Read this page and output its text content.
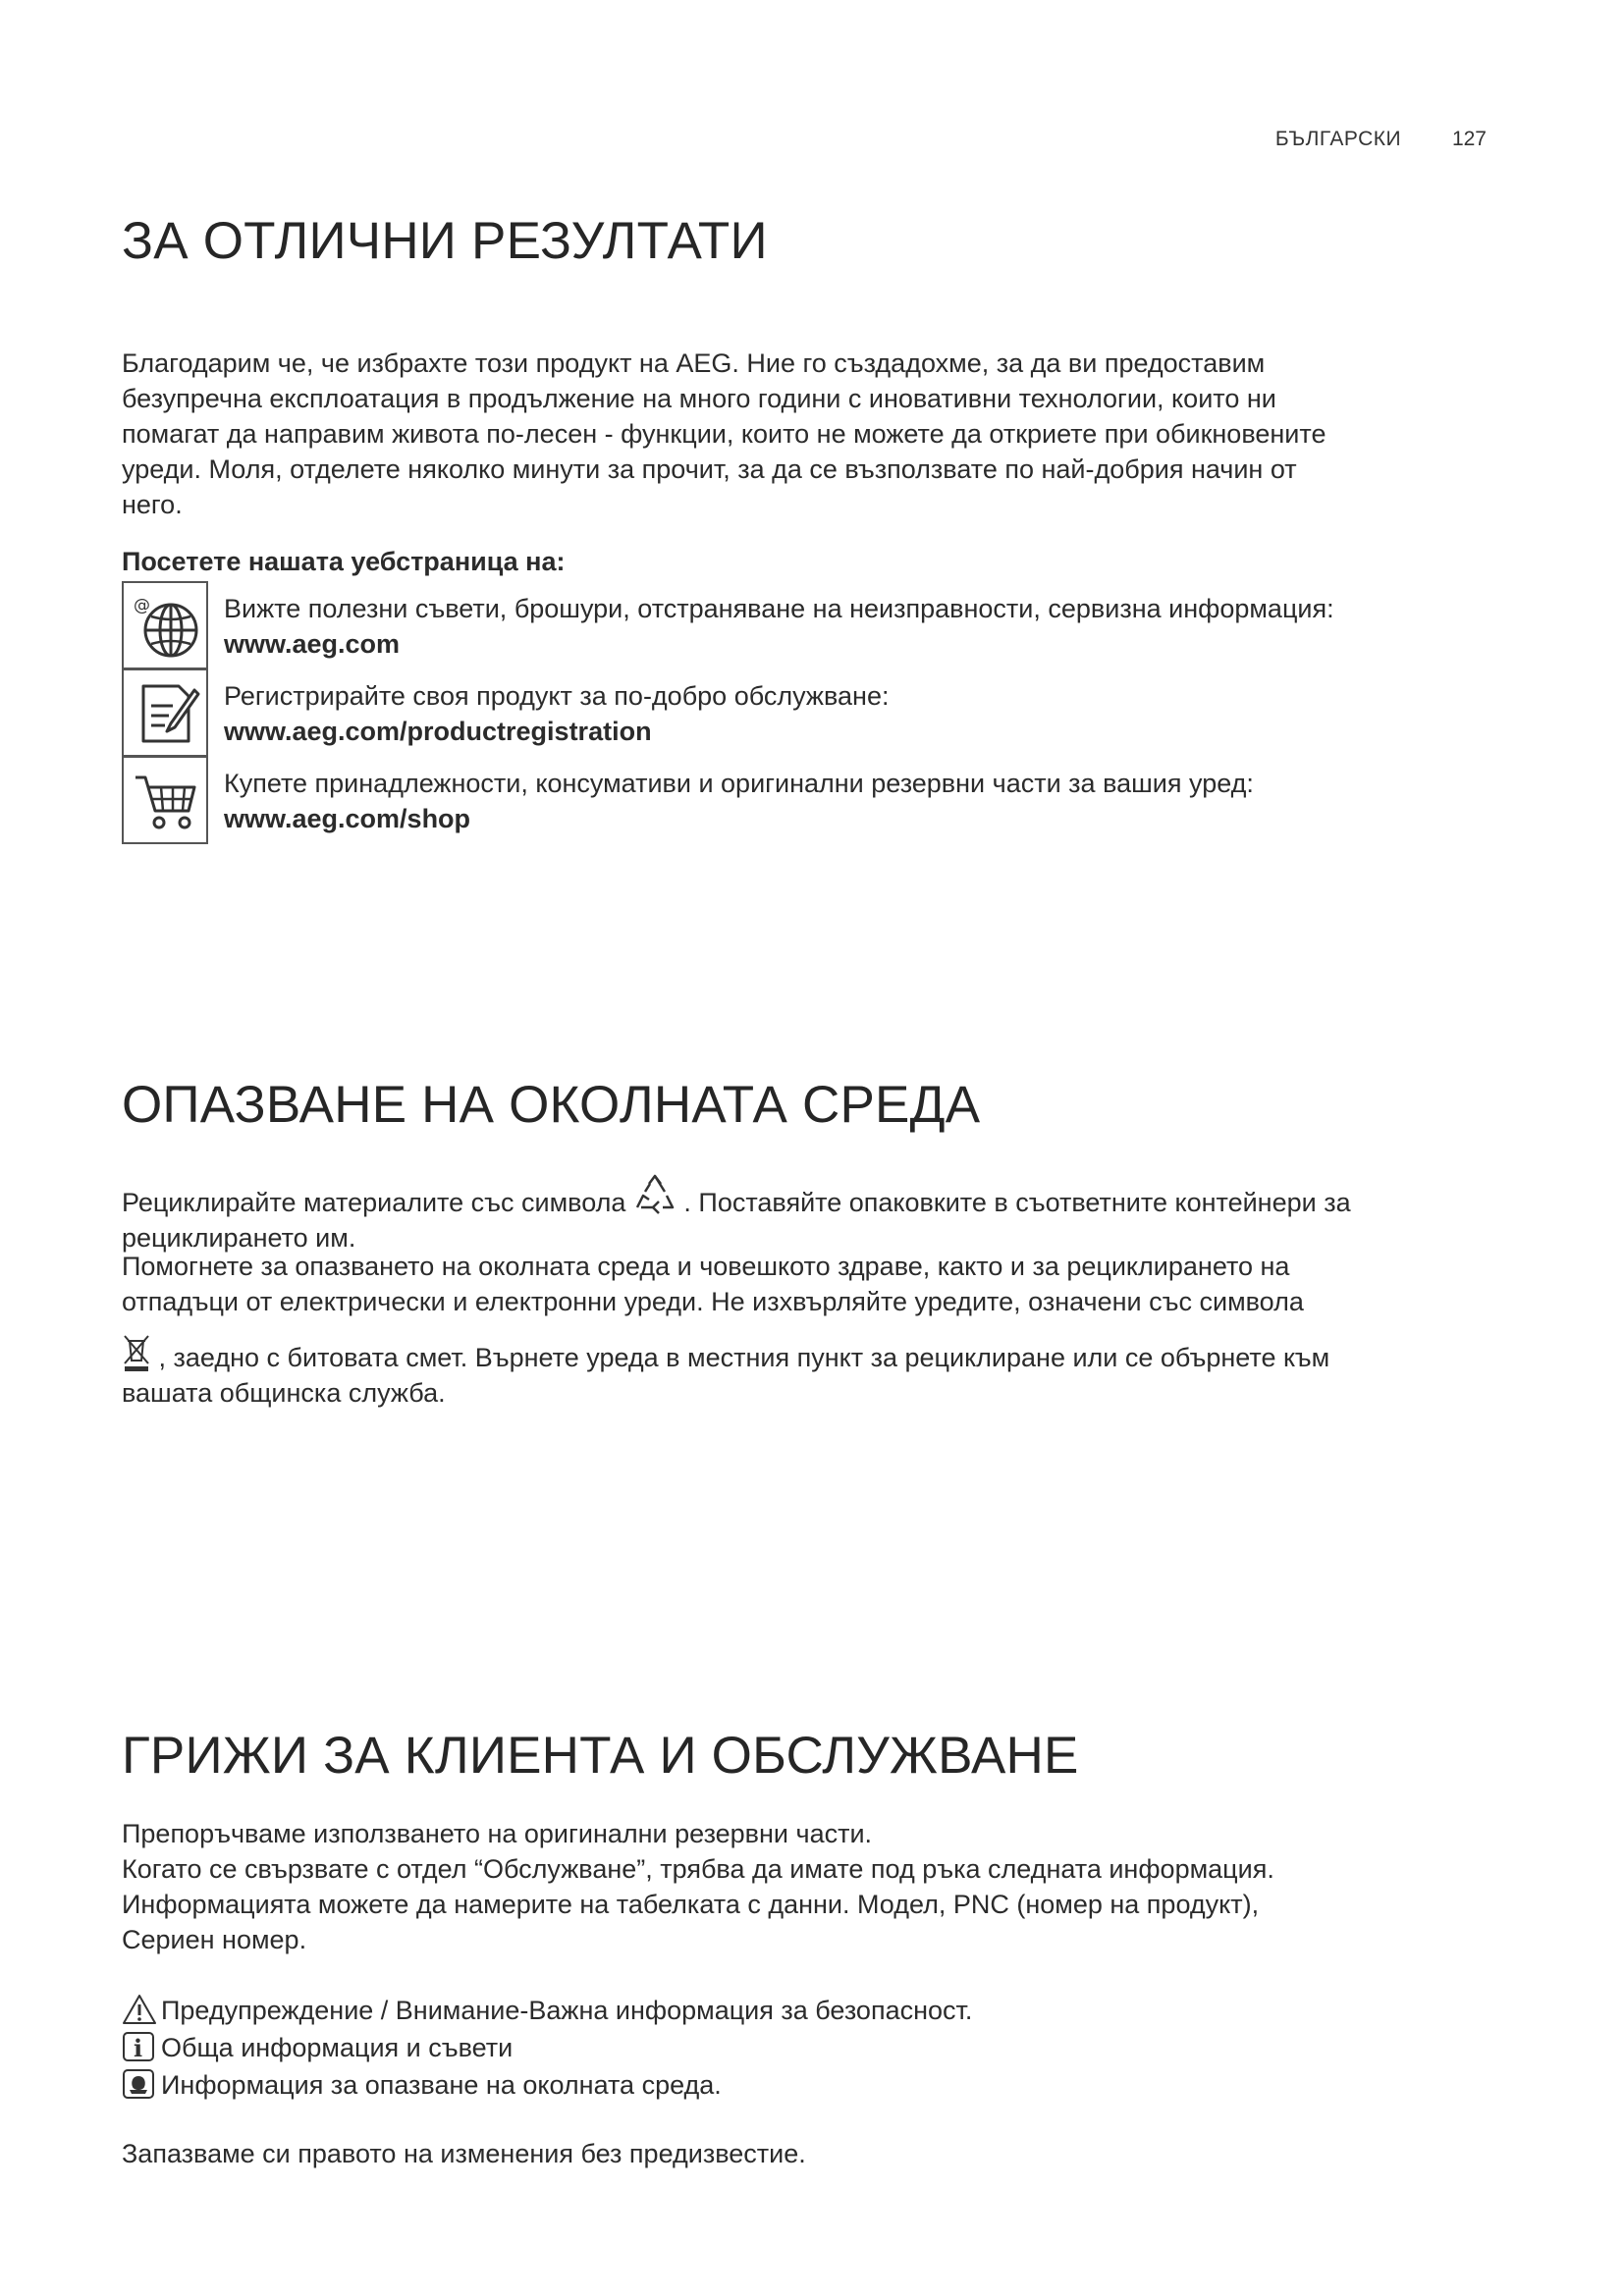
БЪЛГАРСКИ 127
ЗА ОТЛИЧНИ РЕЗУЛТАТИ
Благодарим че, че избрахте този продукт на AEG. Ние го създадохме, за да ви предоставим
безупречна експлоатация в продължение на много години с иновативни технологии, които ни
помагат да направим живота по-лесен - функции, които не можете да откриете при обикновените
уреди. Моля, отделете няколко минути за прочит, за да се възползвате по най-добрия начин от
него.
Посетете нашата уебстраница на:
@	Вижте полезни съвети, брошури, отстраняване на неизправности, сервизна информация:
www.aeg.com
Регистрирайте своя продукт за по-добро обслужване:
www.aeg.com/productregistration
Купете принадлежности, консумативи и оригинални резервни части за вашия уред:
www.aeg.com/shop
ОПАЗВАНЕ НА ОКОЛНАТА СРЕДА
Рециклирайте материалите със символа . Поставяйте опаковките в съответните контейнери за
рециклирането им.
Помогнете за опазването на околната среда и човешкото здраве, както и за рециклирането на
отпадъци от електрически и електронни уреди. Не изхвърляйте уредите, означени със символа
, заедно с битовата смет. Върнете уреда в местния пункт за рециклиране или се обърнете към
вашата общинска служба.
ГРИЖИ ЗА КЛИЕНТА И ОБСЛУЖВАНЕ
Препоръчваме използването на оригинални резервни части.
Когато се свързвате с отдел “Обслужване”, трябва да имате под ръка следната информация.
Информацията можете да намерите на табелката с данни. Модел, PNC (номер на продукт),
Сериен номер.
Предупреждение / Внимание-Важна информация за безопасност.
i Обща информация и съвети
Информация за опазване на околната среда.
Запазваме си правото на изменения без предизвестие.
